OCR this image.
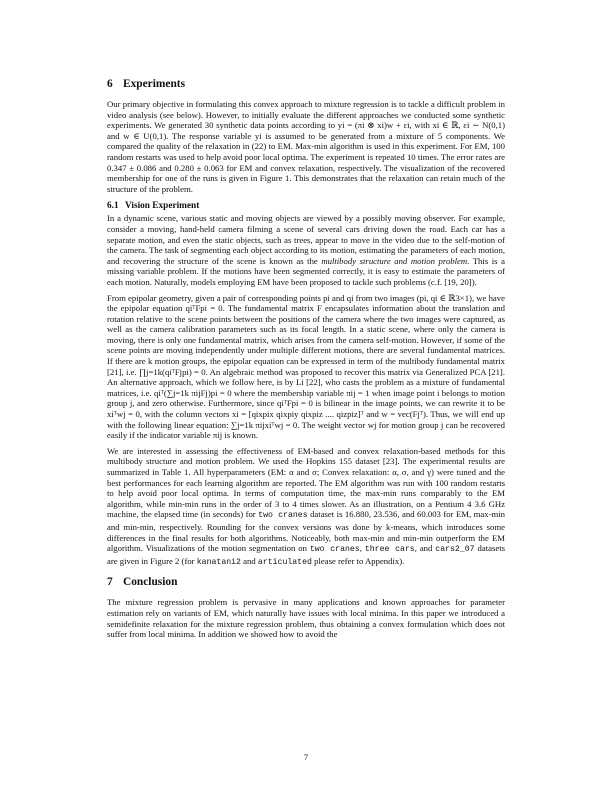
6 Experiments

Our primary objective in formulating this convex approach to mixture regression is to tackle a difficult problem in video analysis (see below). However, to initially evaluate the different approaches we conducted some synthetic experiments. We generated 30 synthetic data points according to yi = (πi ⊗ xi)w + εi, with xi ∈ ℝ, εi ∼ N(0,1) and w ∈ U(0,1). The response variable yi is assumed to be generated from a mixture of 5 components. We compared the quality of the relaxation in (22) to EM. Max-min algorithm is used in this experiment. For EM, 100 random restarts was used to help avoid poor local optima. The experiment is repeated 10 times. The error rates are 0.347 ± 0.086 and 0.280 ± 0.063 for EM and convex relaxation, respectively. The visualization of the recovered membership for one of the runs is given in Figure 1. This demonstrates that the relaxation can retain much of the structure of the problem.

6.1 Vision Experiment

In a dynamic scene, various static and moving objects are viewed by a possibly moving observer. For example, consider a moving, hand-held camera filming a scene of several cars driving down the road. Each car has a separate motion, and even the static objects, such as trees, appear to move in the video due to the self-motion of the camera. The task of segmenting each object according to its motion, estimating the parameters of each motion, and recovering the structure of the scene is known as the multibody structure and motion problem. This is a missing variable problem. If the motions have been segmented correctly, it is easy to estimate the parameters of each motion. Naturally, models employing EM have been proposed to tackle such problems (c.f. [19, 20]).

From epipolar geometry, given a pair of corresponding points pi and qi from two images (pi, qi ∈ ℝ3×1), we have the epipolar equation qiᵀFpi = 0. The fundamental matrix F encapsulates information about the translation and rotation relative to the scene points between the positions of the camera where the two images were captured, as well as the camera calibration parameters such as its focal length. In a static scene, where only the camera is moving, there is only one fundamental matrix, which arises from the camera self-motion. However, if some of the scene points are moving independently under multiple different motions, there are several fundamental matrices. If there are k motion groups, the epipolar equation can be expressed in term of the multibody fundamental matrix [21], i.e. ∏j=1k(qiᵀFjpi) = 0. An algebraic method was proposed to recover this matrix via Generalized PCA [21]. An alternative approach, which we follow here, is by Li [22], who casts the problem as a mixture of fundamental matrices, i.e. qiᵀ(∑j=1k πijFj)pi = 0 where the membership variable πij = 1 when image point i belongs to motion group j, and zero otherwise. Furthermore, since qiᵀFpi = 0 is bilinear in the image points, we can rewrite it to be xiᵀwj = 0, with the column vectors xi = [qixpix qixpiy qixpiz .... qizpiz]ᵀ and w = vec(Fjᵀ). Thus, we will end up with the following linear equation: ∑j=1k πijxiᵀwj = 0. The weight vector wj for motion group j can be recovered easily if the indicator variable πij is known.

We are interested in assessing the effectiveness of EM-based and convex relaxation-based methods for this multibody structure and motion problem. We used the Hopkins 155 dataset [23]. The experimental results are summarized in Table 1. All hyperparameters (EM: α and σ; Convex relaxation: α, σ, and γ) were tuned and the best performances for each learning algorithm are reported. The EM algorithm was run with 100 random restarts to help avoid poor local optima. In terms of computation time, the max-min runs comparably to the EM algorithm, while min-min runs in the order of 3 to 4 times slower. As an illustration, on a Pentium 4 3.6 GHz machine, the elapsed time (in seconds) for two cranes dataset is 16.880, 23.536, and 60.003 for EM, max-min and min-min, respectively. Rounding for the convex versions was done by k-means, which introduces some differences in the final results for both algorithms. Noticeably, both max-min and min-min outperform the EM algorithm. Visualizations of the motion segmentation on two cranes, three cars, and cars2_07 datasets are given in Figure 2 (for kanatani2 and articulated please refer to Appendix).

7 Conclusion

The mixture regression problem is pervasive in many applications and known approaches for parameter estimation rely on variants of EM, which naturally have issues with local minima. In this paper we introduced a semidefinite relaxation for the mixture regression problem, thus obtaining a convex formulation which does not suffer from local minima. In addition we showed how to avoid the

7
